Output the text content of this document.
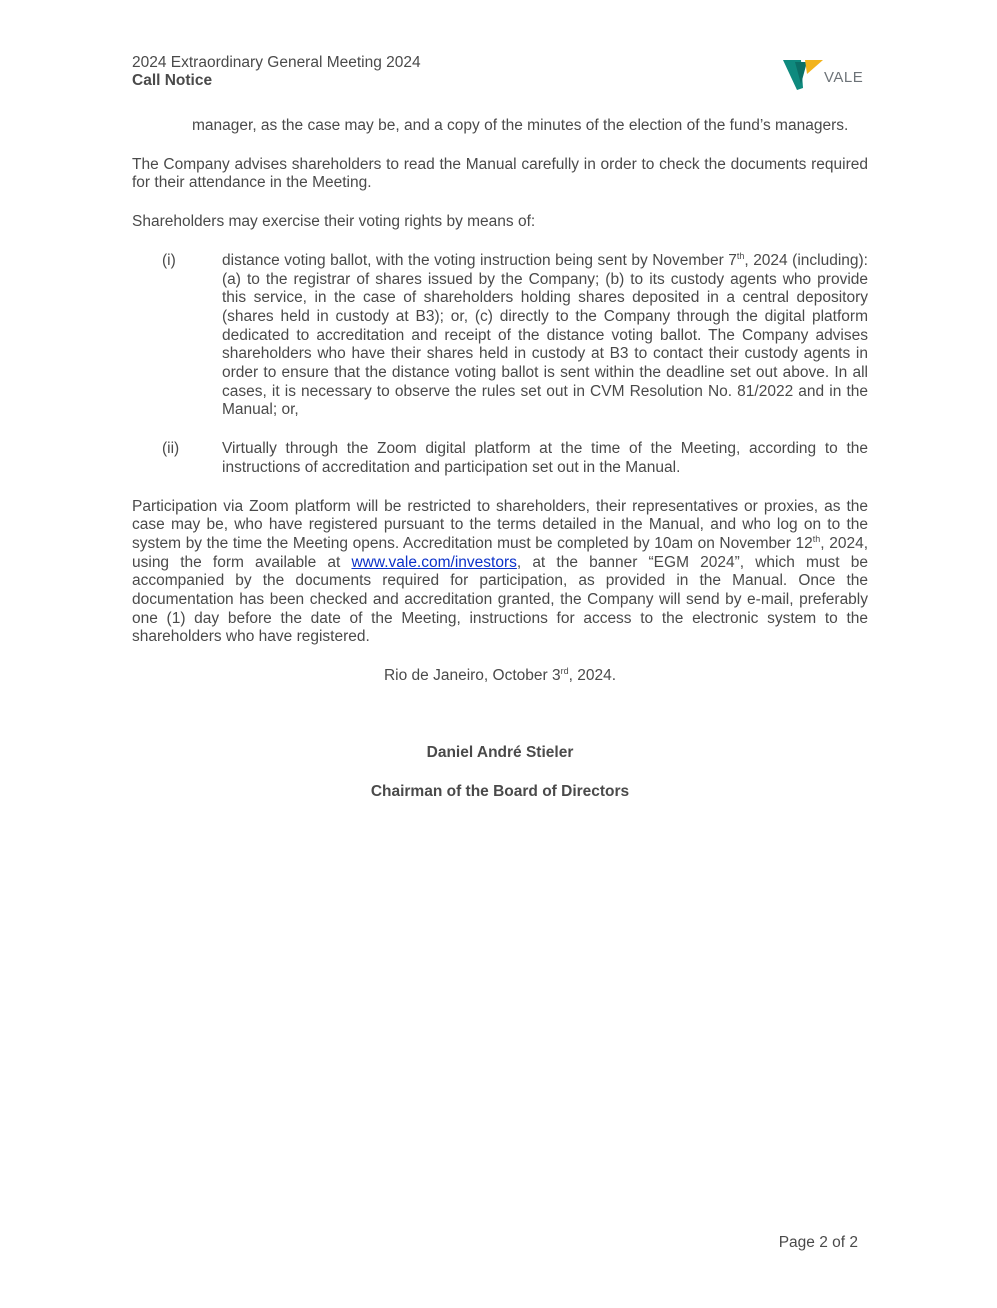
2024 Extraordinary General Meeting 2024
Call Notice	VALE

manager, as the case may be, and a copy of the minutes of the election of the fund’s managers.

The Company advises shareholders to read the Manual carefully in order to check the documents required for their attendance in the Meeting.

Shareholders may exercise their voting rights by means of:

(i)	distance voting ballot, with the voting instruction being sent by November 7th, 2024 (including): (a) to the registrar of shares issued by the Company; (b) to its custody agents who provide this service, in the case of shareholders holding shares deposited in a central depository (shares held in custody at B3); or, (c) directly to the Company through the digital platform dedicated to accreditation and receipt of the distance voting ballot. The Company advises shareholders who have their shares held in custody at B3 to contact their custody agents in order to ensure that the distance voting ballot is sent within the deadline set out above. In all cases, it is necessary to observe the rules set out in CVM Resolution No. 81/2022 and in the Manual; or,
(ii)	Virtually through the Zoom digital platform at the time of the Meeting, according to the instructions of accreditation and participation set out in the Manual.

Participation via Zoom platform will be restricted to shareholders, their representatives or proxies, as the case may be, who have registered pursuant to the terms detailed in the Manual, and who log on to the system by the time the Meeting opens. Accreditation must be completed by 10am on November 12th, 2024, using the form available at www.vale.com/investors, at the banner “EGM 2024”, which must be accompanied by the documents required for participation, as provided in the Manual. Once the documentation has been checked and accreditation granted, the Company will send by e-mail, preferably one (1) day before the date of the Meeting, instructions for access to the electronic system to the shareholders who have registered.

Rio de Janeiro, October 3rd, 2024.

Daniel André Stieler

Chairman of the Board of Directors

Page 2 of 2
